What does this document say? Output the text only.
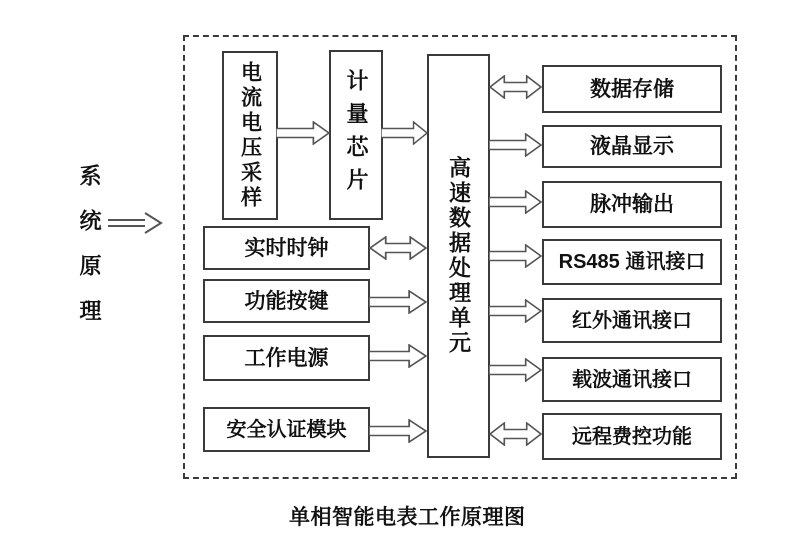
系统原理
电流电压采样	计量芯片
高速数据处理单元
实时时钟
功能按键
工作电源
安全认证模块
数据存储
液晶显示
脉冲输出
RS485 通讯接口
红外通讯接口
载波通讯接口
远程费控功能
单相智能电表工作原理图
